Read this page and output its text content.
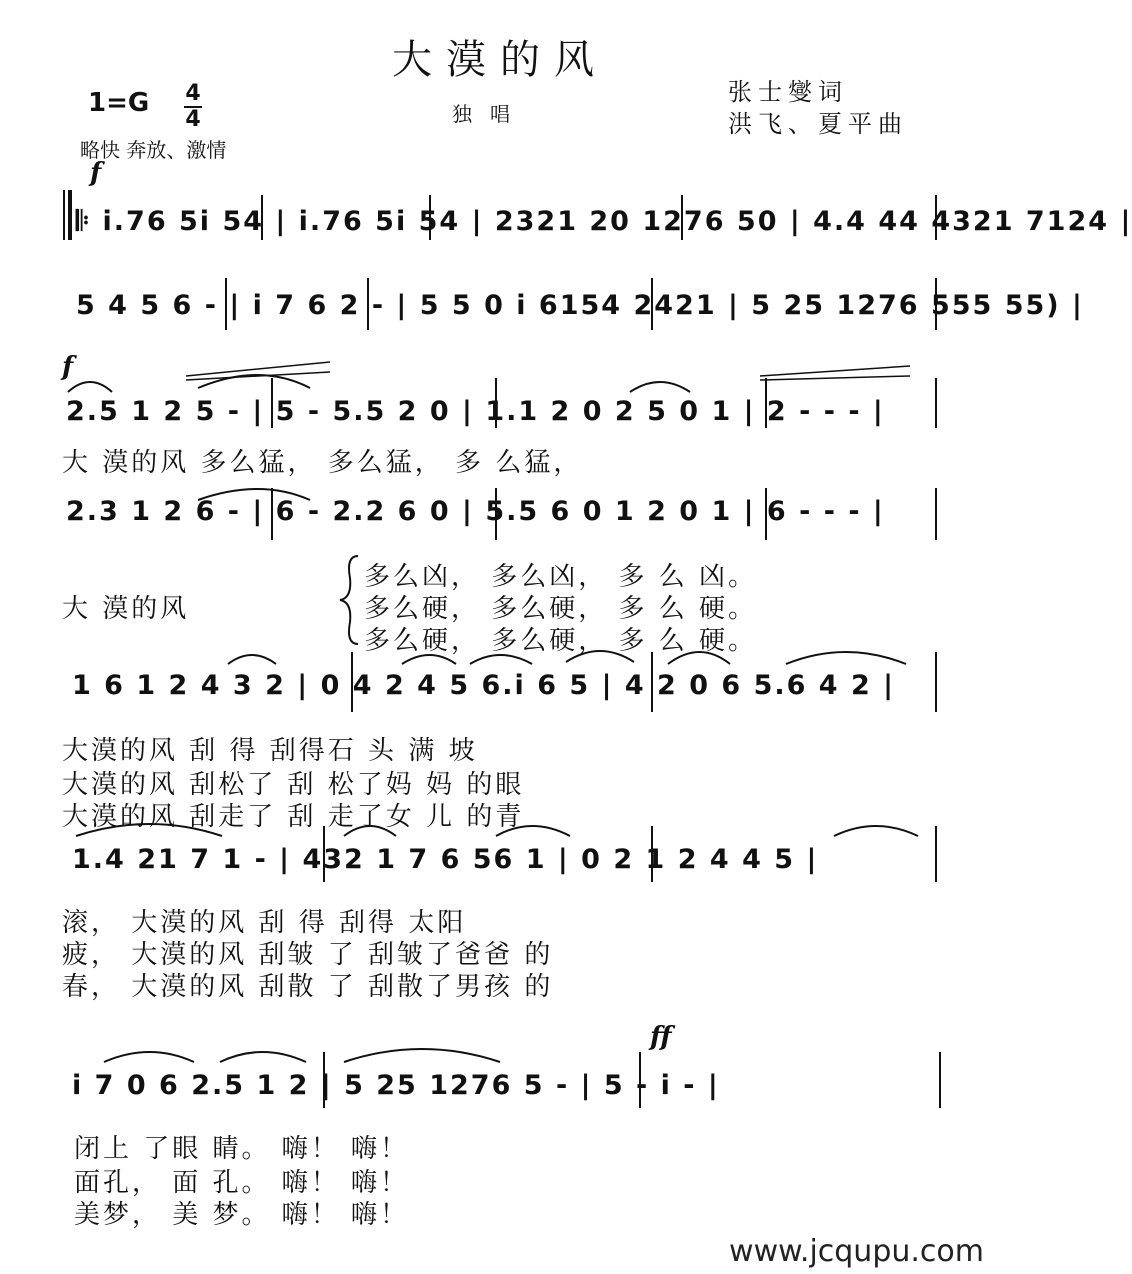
大漠的风
1=G 4
4	独唱
张士燮词
洪飞、夏平曲
略快 奔放、激情
f
𝄆 i.76 5i 54 | i.76 5i 54 | 2321 20 1276 50 | 4.4 44 4321 7124 |
5 4 5 6 - | i 7 6 2 - | 5 5 0 i 6154 2421 | 5 25 1276 555 55) |
f
2.5 1 2 5 - | 5 - 5.5 2 0 | 1.1 2 0 2 5 0 1 | 2 - - - |
大 漠的风 多么猛， 多么猛， 多 么猛，
2.3 1 2 6 - | 6 - 2.2 6 0 | 5.5 6 0 1 2 0 1 | 6 - - - |
大 漠的风
多么凶， 多么凶， 多 么 凶。
多么硬， 多么硬， 多 么 硬。
多么硬， 多么硬， 多 么 硬。
1 6 1 2 4 3 2 | 0 4 2 4 5 6.i 6 5 | 4 2 0 6 5.6 4 2 |
大漠的风 刮 得 刮得石 头 满 坡
大漠的风 刮松了 刮 松了妈 妈 的眼
大漠的风 刮走了 刮 走了女 儿 的青
1.4 21 7 1 - | 432 1 7 6 56 1 | 0 2 1 2 4 4 5 |
滚， 大漠的风 刮 得 刮得 太阳
疲， 大漠的风 刮皱 了 刮皱了爸爸 的
春， 大漠的风 刮散 了 刮散了男孩 的
ff
i 7 0 6 2.5 1 2 | 5 25 1276 5 - | 5 - i - |
闭上 了眼 睛。 嗨！ 嗨！
面孔， 面 孔。 嗨！ 嗨！
美梦， 美 梦。 嗨！ 嗨！
www.jcqupu.com
